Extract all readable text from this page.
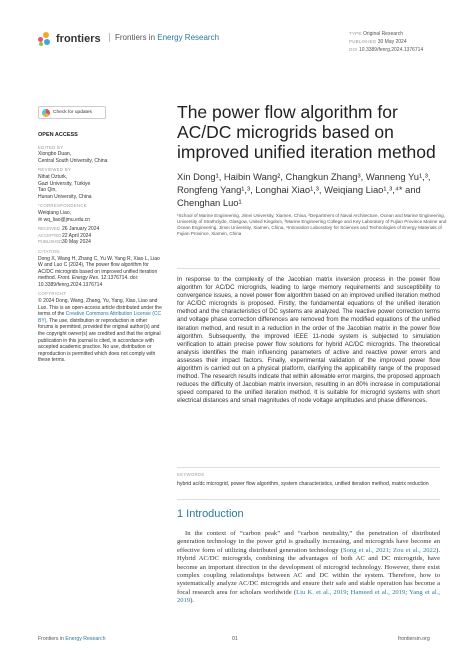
frontiers	Frontiers in Energy Research	TYPE Original Research
PUBLISHED 30 May 2024
DOI 10.3389/fenrg.2024.1376714
Check for updates
OPEN ACCESS
EDITED BY
Xiongbo Duan,
Central South University, China
REVIEWED BY
Nihat Ozturk,
Gazi University, Türkiye
Tao Qin,
Hunan University, China
*CORRESPONDENCE
Weiqiang Liao,
✉ wq_liao@jmu.edu.cn
RECEIVED 26 January 2024
ACCEPTED 22 April 2024
PUBLISHED 30 May 2024
CITATION
Dong X, Wang H, Zhang C, Yu W, Yang R, Xiao L, Liao W and Luo C (2024), The power flow algorithm for AC/DC microgrids based on improved unified iteration method. Front. Energy Res. 12:1376714. doi: 10.3389/fenrg.2024.1376714
COPYRIGHT
© 2024 Dong, Wang, Zhang, Yu, Yang, Xiao, Liao and Luo. This is an open-access article distributed under the terms of the Creative Commons Attribution License (CC BY). The use, distribution or reproduction in other forums is permitted, provided the original author(s) and the copyright owner(s) are credited and that the original publication in this journal is cited, in accordance with accepted academic practice. No use, distribution or reproduction is permitted which does not comply with these terms.
The power flow algorithm for AC/DC microgrids based on improved unified iteration method
Xin Dong¹, Haibin Wang², Changkun Zhang³, Wanneng Yu¹,³, Rongfeng Yang¹,³, Longhai Xiao¹,³, Weiqiang Liao¹,³,⁴* and Chenghan Luo¹
¹School of Marine Engineering, Jimei University, Xiamen, China, ²Department of Naval Architecture, Ocean and Marine Engineering, University of Strathclyde, Glasgow, United Kingdom, ³Marine Engineering College and Key Laboratory of Fujian Province Marine and Ocean Engineering, Jimei University, Xiamen, China, ⁴Innovation Laboratory for Sciences and Technologies of Energy Materials of Fujian Province, Xiamen, China
In response to the complexity of the Jacobian matrix inversion process in the power flow algorithm for AC/DC microgrids, leading to large memory requirements and susceptibility to convergence issues, a novel power flow algorithm based on an improved unified iteration method for AC/DC microgrids is proposed. Firstly, the fundamental equations of the unified iteration method and the characteristics of DC systems are analyzed. The reactive power correction terms and voltage phase correction differences are removed from the modified equations of the unified iteration method, and result in a reduction in the order of the Jacobian matrix in the power flow algorithm. Subsequently, the improved IEEE 11-node system is subjected to simulation verification to attain precise power flow solutions for hybrid AC/DC microgrids. The theoretical analysis identifies the main influencing parameters of active and reactive power errors and assesses their impact factors. Finally, experimental validation of the improved power flow algorithm is carried out on a physical platform, clarifying the applicability range of the proposed method. The research results indicate that within allowable error margins, the proposed approach reduces the difficulty of Jacobian matrix inversion, resulting in an 80% increase in computational speed compared to the unified iteration method. It is suitable for microgrid systems with short electrical distances and small magnitudes of node voltage amplitudes and phase differences.
KEYWORDS
hybrid ac/dc microgrid, power flow algorithm, system characteristics, unified iteration method, matrix reduction
1 Introduction
In the context of “carbon peak” and “carbon neutrality,” the penetration of distributed generation technology in the power grid is gradually increasing, and microgrids have become an effective form of utilizing distributed generation technology (Song et al., 2021; Zou et al., 2022). Hybrid AC/DC microgrids, combining the advantages of both AC and DC microgrids, have become an important direction in the development of microgrid technology. However, there exist complex coupling relationships between AC and DC within the system. Therefore, how to systematically analyze AC/DC microgrids and ensure their safe and stable operation has become a focal research area for scholars worldwide (Liu K. et al., 2019; Hameed et al., 2019; Yang et al., 2019).
Frontiers in Energy Research	01	frontiersin.org
